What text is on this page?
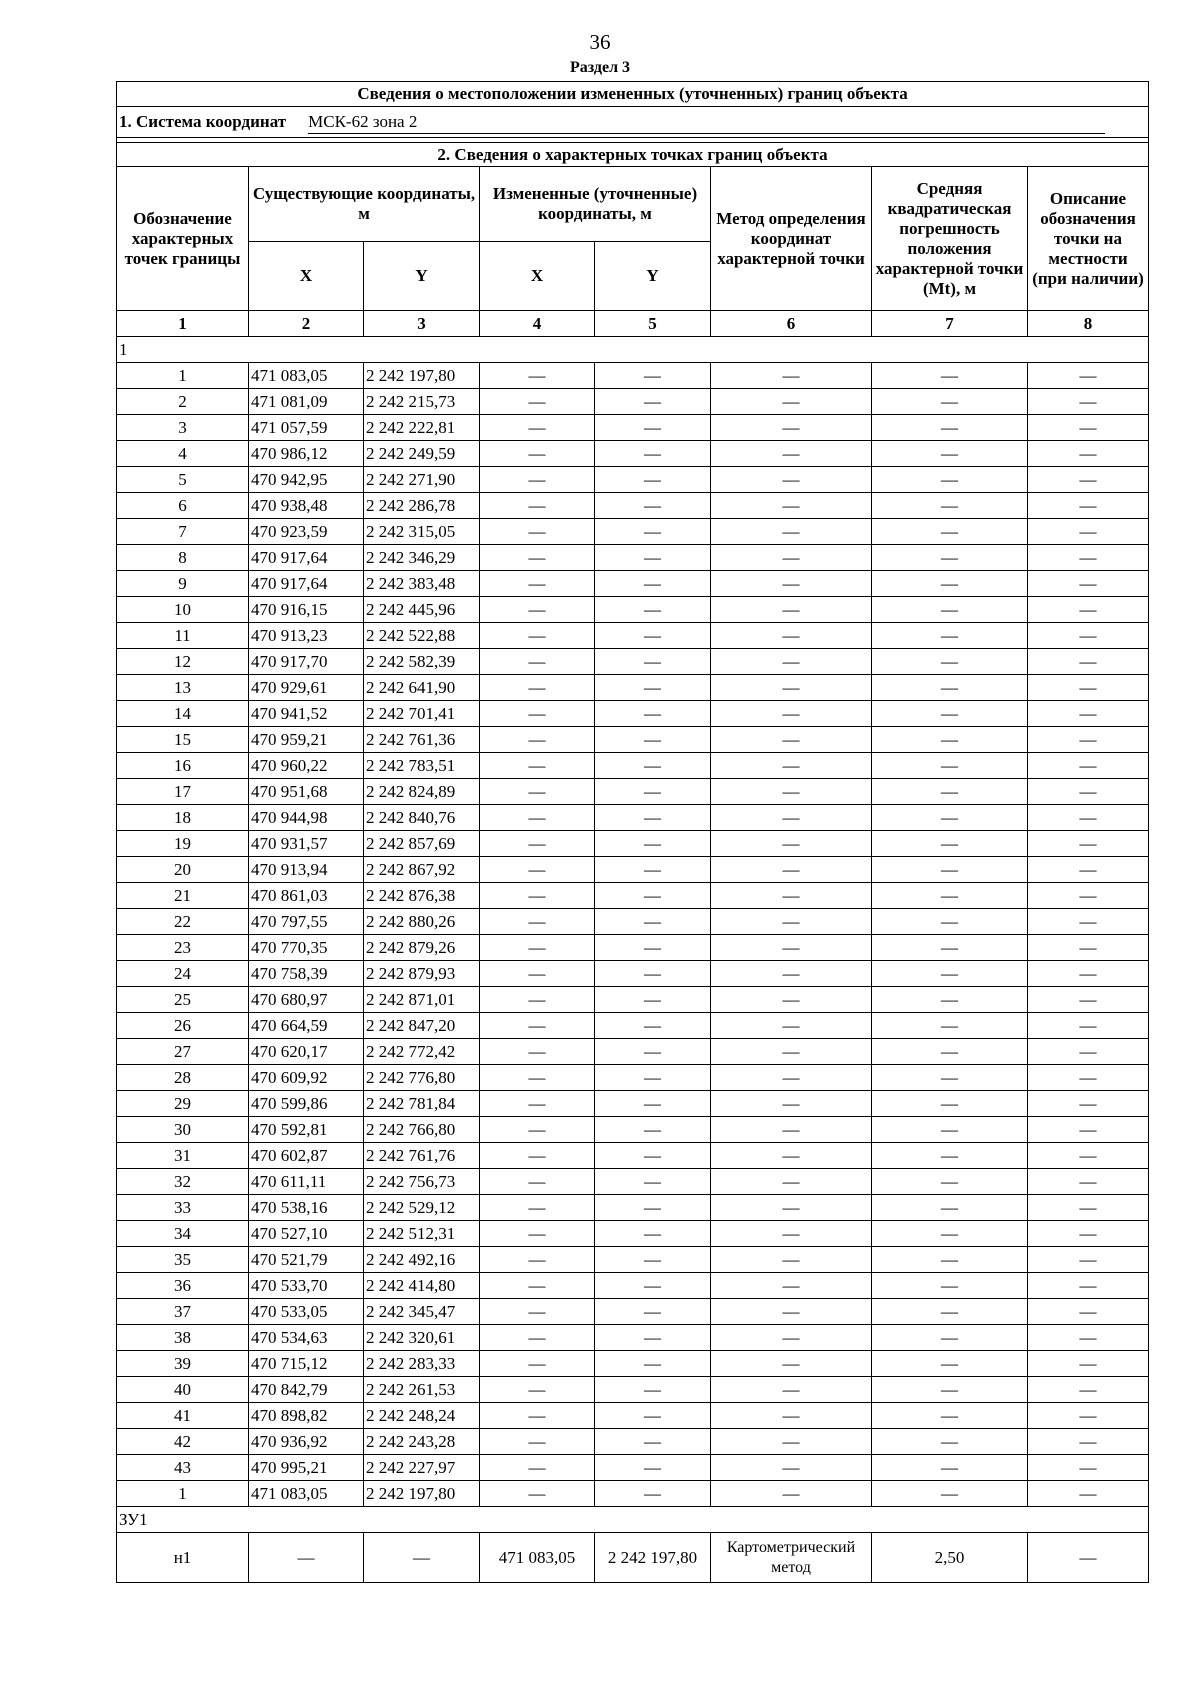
36
Раздел 3
Сведения о местоположении измененных (уточненных) границ объекта							
1. Система координат МСК-62 зона 2							

2. Сведения о характерных точках границ объекта							
Обозначение характерных точек границы	Существующие координаты, м		Измененные (уточненные) координаты, м		Метод определения координат характерной точки	Средняя квадратическая погрешность положения характерной точки (Mt), м	Описание обозначения точки на местности (при наличии)
	X	Y	X	Y			
1	2	3	4	5	6	7	8
1							
1	471 083,05	2 242 197,80	—	—	—	—	—
2	471 081,09	2 242 215,73	—	—	—	—	—
3	471 057,59	2 242 222,81	—	—	—	—	—
4	470 986,12	2 242 249,59	—	—	—	—	—
5	470 942,95	2 242 271,90	—	—	—	—	—
6	470 938,48	2 242 286,78	—	—	—	—	—
7	470 923,59	2 242 315,05	—	—	—	—	—
8	470 917,64	2 242 346,29	—	—	—	—	—
9	470 917,64	2 242 383,48	—	—	—	—	—
10	470 916,15	2 242 445,96	—	—	—	—	—
11	470 913,23	2 242 522,88	—	—	—	—	—
12	470 917,70	2 242 582,39	—	—	—	—	—
13	470 929,61	2 242 641,90	—	—	—	—	—
14	470 941,52	2 242 701,41	—	—	—	—	—
15	470 959,21	2 242 761,36	—	—	—	—	—
16	470 960,22	2 242 783,51	—	—	—	—	—
17	470 951,68	2 242 824,89	—	—	—	—	—
18	470 944,98	2 242 840,76	—	—	—	—	—
19	470 931,57	2 242 857,69	—	—	—	—	—
20	470 913,94	2 242 867,92	—	—	—	—	—
21	470 861,03	2 242 876,38	—	—	—	—	—
22	470 797,55	2 242 880,26	—	—	—	—	—
23	470 770,35	2 242 879,26	—	—	—	—	—
24	470 758,39	2 242 879,93	—	—	—	—	—
25	470 680,97	2 242 871,01	—	—	—	—	—
26	470 664,59	2 242 847,20	—	—	—	—	—
27	470 620,17	2 242 772,42	—	—	—	—	—
28	470 609,92	2 242 776,80	—	—	—	—	—
29	470 599,86	2 242 781,84	—	—	—	—	—
30	470 592,81	2 242 766,80	—	—	—	—	—
31	470 602,87	2 242 761,76	—	—	—	—	—
32	470 611,11	2 242 756,73	—	—	—	—	—
33	470 538,16	2 242 529,12	—	—	—	—	—
34	470 527,10	2 242 512,31	—	—	—	—	—
35	470 521,79	2 242 492,16	—	—	—	—	—
36	470 533,70	2 242 414,80	—	—	—	—	—
37	470 533,05	2 242 345,47	—	—	—	—	—
38	470 534,63	2 242 320,61	—	—	—	—	—
39	470 715,12	2 242 283,33	—	—	—	—	—
40	470 842,79	2 242 261,53	—	—	—	—	—
41	470 898,82	2 242 248,24	—	—	—	—	—
42	470 936,92	2 242 243,28	—	—	—	—	—
43	470 995,21	2 242 227,97	—	—	—	—	—
1	471 083,05	2 242 197,80	—	—	—	—	—
ЗУ1							
н1	—	—	471 083,05	2 242 197,80	Картометрический метод	2,50	—
